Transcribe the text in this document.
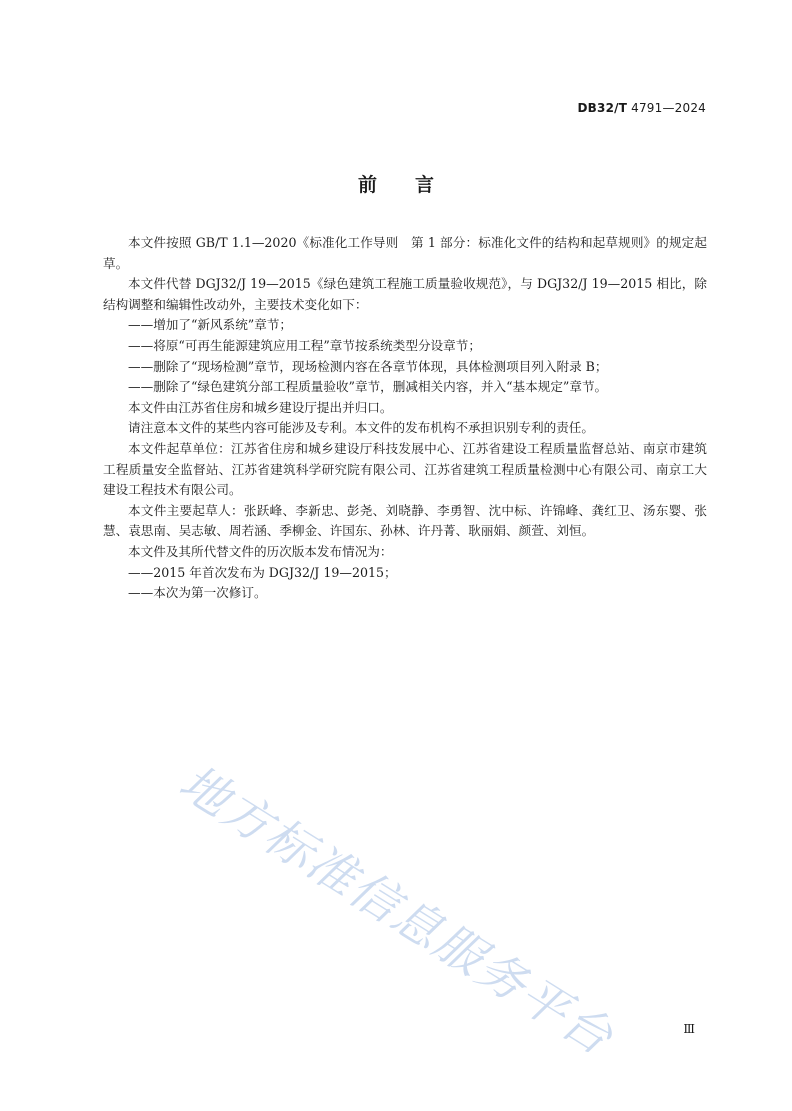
DB32/T 4791—2024
前言

本文件按照 GB/T 1.1—2020《标准化工作导则　第 1 部分：标准化文件的结构和起草规则》的规定起草。

本文件代替 DGJ32/J 19—2015《绿色建筑工程施工质量验收规范》，与 DGJ32/J 19—2015 相比，除结构调整和编辑性改动外，主要技术变化如下：

——增加了“新风系统”章节；

——将原“可再生能源建筑应用工程”章节按系统类型分设章节；

——删除了“现场检测”章节，现场检测内容在各章节体现，具体检测项目列入附录 B；

——删除了“绿色建筑分部工程质量验收”章节，删减相关内容，并入“基本规定”章节。

本文件由江苏省住房和城乡建设厅提出并归口。

请注意本文件的某些内容可能涉及专利。本文件的发布机构不承担识别专利的责任。

本文件起草单位：江苏省住房和城乡建设厅科技发展中心、江苏省建设工程质量监督总站、南京市建筑工程质量安全监督站、江苏省建筑科学研究院有限公司、江苏省建筑工程质量检测中心有限公司、南京工大建设工程技术有限公司。

本文件主要起草人：张跃峰、李新忠、彭尧、刘晓静、李勇智、沈中标、许锦峰、龚红卫、汤东婴、张慧、袁思南、吴志敏、周若涵、季柳金、许国东、孙林、许丹菁、耿丽娟、颜萱、刘恒。

本文件及其所代替文件的历次版本发布情况为：

——2015 年首次发布为 DGJ32/J 19—2015；

——本次为第一次修订。

地方标准信息服务平台	Ⅲ
